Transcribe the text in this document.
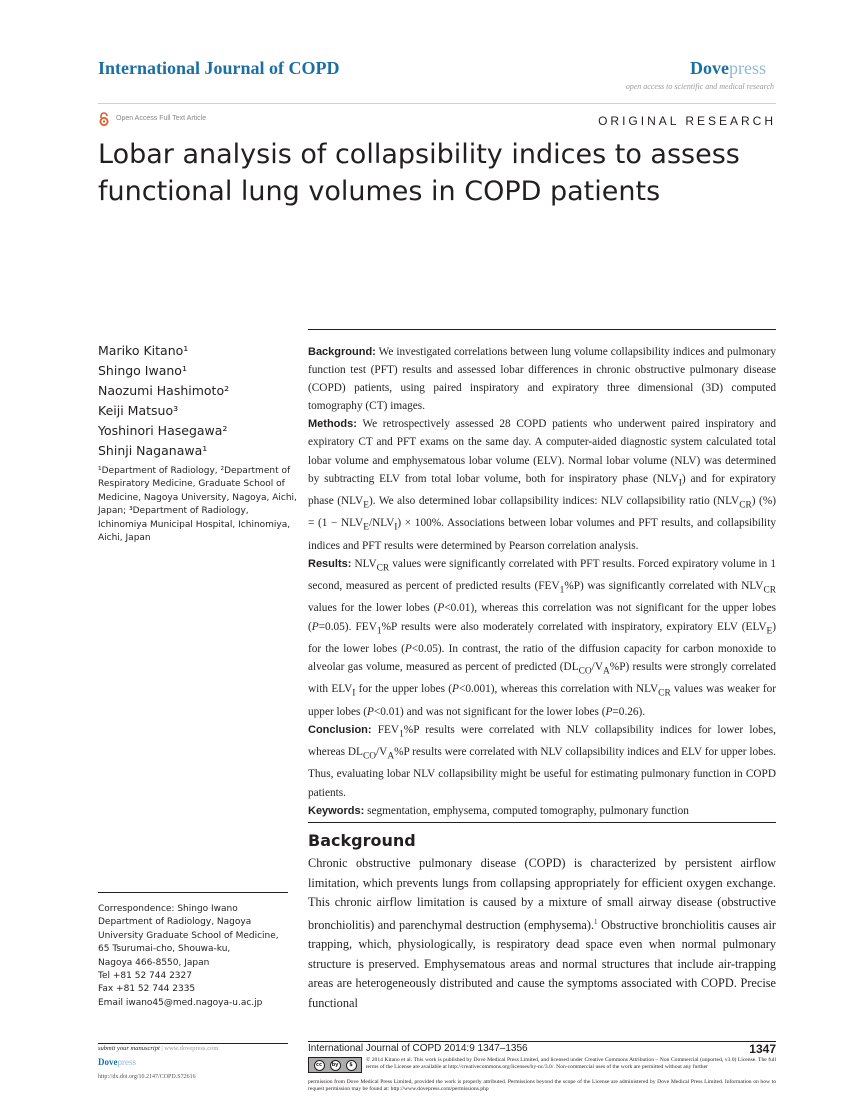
International Journal of COPD	Dovepress
open access to scientific and medical research
Open Access Full Text Article	ORIGINAL RESEARCH
Lobar analysis of collapsibility indices to assess functional lung volumes in COPD patients
Mariko Kitano¹
Shingo Iwano¹
Naozumi Hashimoto²
Keiji Matsuo³
Yoshinori Hasegawa²
Shinji Naganawa¹
¹Department of Radiology, ²Department of Respiratory Medicine, Graduate School of Medicine, Nagoya University, Nagoya, Aichi, Japan; ³Department of Radiology, Ichinomiya Municipal Hospital, Ichinomiya, Aichi, Japan
Correspondence: Shingo Iwano
Department of Radiology, Nagoya
University Graduate School of Medicine,
65 Tsurumai-cho, Shouwa-ku,
Nagoya 466-8550, Japan
Tel +81 52 744 2327
Fax +81 52 744 2335
Email iwano45@med.nagoya-u.ac.jp

Background: We investigated correlations between lung volume collapsibility indices and pulmonary function test (PFT) results and assessed lobar differences in chronic obstructive pulmonary disease (COPD) patients, using paired inspiratory and expiratory three dimensional (3D) computed tomography (CT) images.

Methods: We retrospectively assessed 28 COPD patients who underwent paired inspiratory and expiratory CT and PFT exams on the same day. A computer-aided diagnostic system calculated total lobar volume and emphysematous lobar volume (ELV). Normal lobar volume (NLV) was determined by subtracting ELV from total lobar volume, both for inspiratory phase $(NLV_I)$ and for expiratory phase $(NLV_E)$. We also determined lobar collapsibility indices: NLV collapsibility ratio $(NLV_{CR})$ (%) = $(1 - NLV_E/NLV_I) \times 100\%$. Associations between lobar volumes and PFT results, and collapsibility indices and PFT results were determined by Pearson correlation analysis.

Results: $NLV_{CR}$ values were significantly correlated with PFT results. Forced expiratory volume in 1 second, measured as percent of predicted results $(FEV_1\%P)$ was significantly correlated with $NLV_{CR}$ values for the lower lobes (P<0.01), whereas this correlation was not significant for the upper lobes (P=0.05). $FEV_1\%P$ results were also moderately correlated with inspiratory, expiratory ELV $(ELV_E)$ for the lower lobes (P<0.05). In contrast, the ratio of the diffusion capacity for carbon monoxide to alveolar gas volume, measured as percent of predicted $(DL_{CO}/V_A\%P)$ results were strongly correlated with $ELV_I$ for the upper lobes (P<0.001), whereas this correlation with $NLV_{CR}$ values was weaker for upper lobes (P<0.01) and was not significant for the lower lobes (P=0.26).

Conclusion: $FEV_1\%P$ results were correlated with NLV collapsibility indices for lower lobes, whereas $DL_{CO}/V_A\%P$ results were correlated with NLV collapsibility indices and ELV for upper lobes. Thus, evaluating lobar NLV collapsibility might be useful for estimating pulmonary function in COPD patients.

Keywords: segmentation, emphysema, computed tomography, pulmonary function

Background
Chronic obstructive pulmonary disease (COPD) is characterized by persistent airflow limitation, which prevents lungs from collapsing appropriately for efficient oxygen exchange. This chronic airflow limitation is caused by a mixture of small airway disease (obstructive bronchiolitis) and parenchymal destruction (emphysema).$^1$ Obstructive bronchiolitis causes air trapping, which, physiologically, is respiratory dead space even when normal pulmonary structure is preserved. Emphysematous areas and normal structures that include air-trapping areas are heterogeneously distributed and cause the symptoms associated with COPD. Precise functional
submit your manuscript | www.dovepress.com
Dovepress
http://dx.doi.org/10.2147/COPD.S72616
International Journal of COPD 2014:9 1347–1356	1347
cc	by	$
© 2014 Kitano et al. This work is published by Dove Medical Press Limited, and licensed under Creative Commons Attribution – Non Commercial (unported, v3.0) License. The full terms of the License are available at http://creativecommons.org/licenses/by-nc/3.0/. Non-commercial uses of the work are permitted without any further
permission from Dove Medical Press Limited, provided the work is properly attributed. Permissions beyond the scope of the License are administered by Dove Medical Press Limited. Information on how to request permission may be found at: http://www.dovepress.com/permissions.php
